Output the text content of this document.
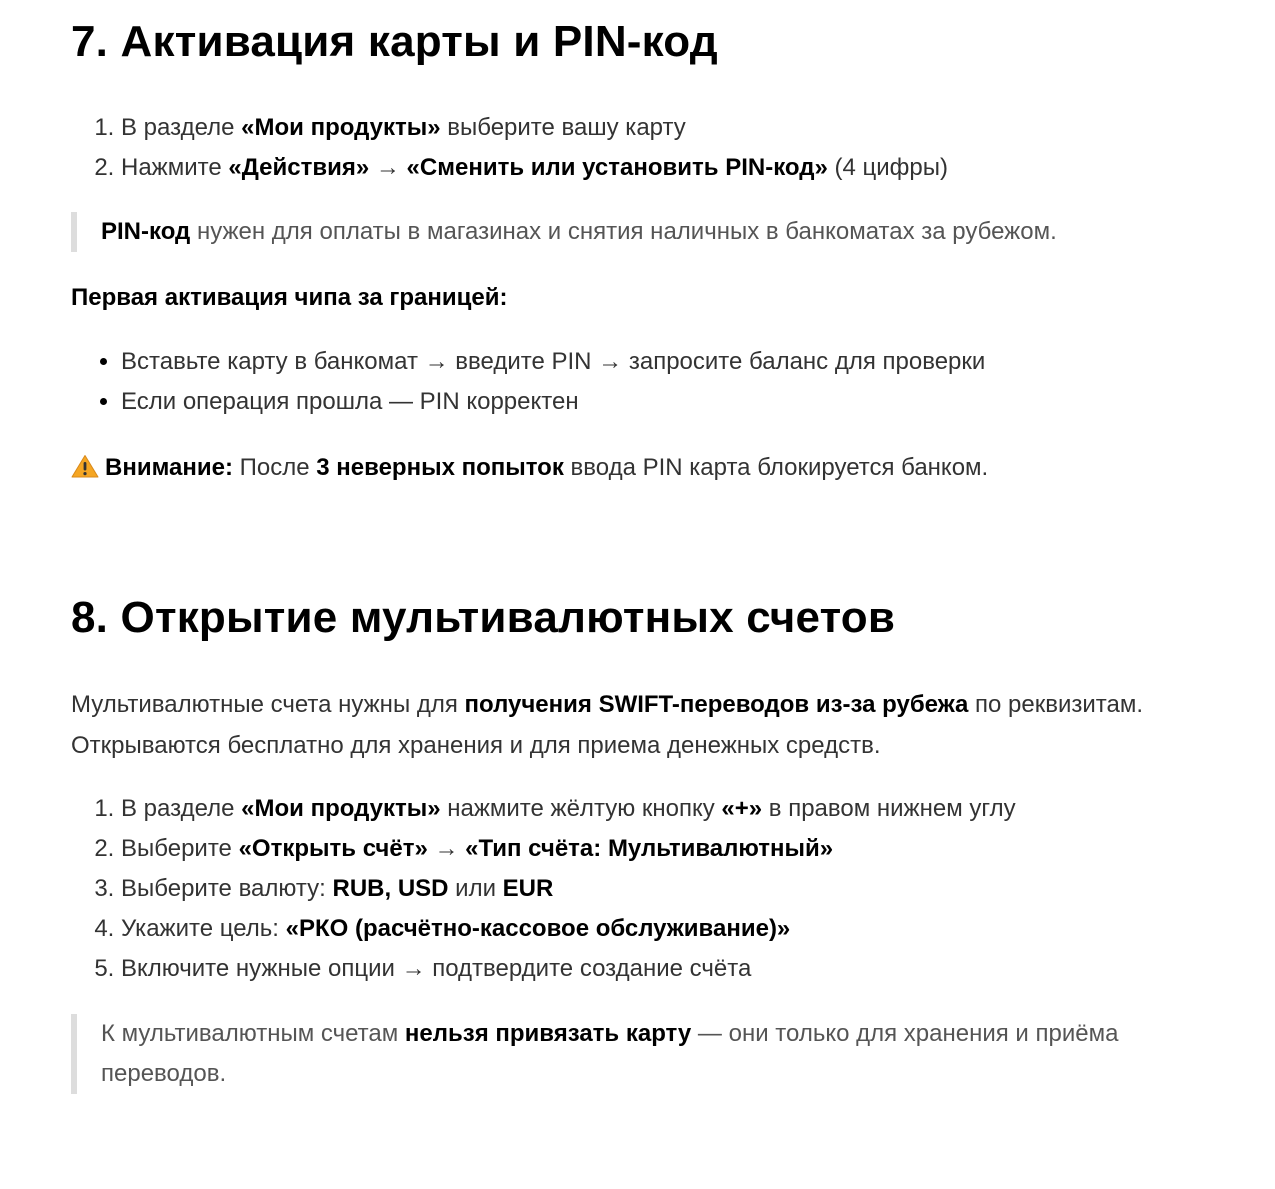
7. Активация карты и PIN-код
1. В разделе «Мои продукты» выберите вашу карту
2. Нажмите «Действия» → «Сменить или установить PIN-код» (4 цифры)
PIN-код нужен для оплаты в магазинах и снятия наличных в банкоматах за рубежом.
Первая активация чипа за границей:
• Вставьте карту в банкомат → введите PIN → запросите баланс для проверки
• Если операция прошла — PIN корректен

Внимание: После 3 неверных попыток ввода PIN карта блокируется банком.

8. Открытие мультивалютных счетов

Мультивалютные счета нужны для получения SWIFT-переводов из-за рубежа по реквизитам. Открываются бесплатно для хранения и для приема денежных средств.

1. В разделе «Мои продукты» нажмите жёлтую кнопку «+» в правом нижнем углу
2. Выберите «Открыть счёт» → «Тип счёта: Мультивалютный»
3. Выберите валюту: RUB, USD или EUR
4. Укажите цель: «РКО (расчётно-кассовое обслуживание)»
5. Включите нужные опции → подтвердите создание счёта
К мультивалютным счетам нельзя привязать карту — они только для хранения и приёма переводов.
